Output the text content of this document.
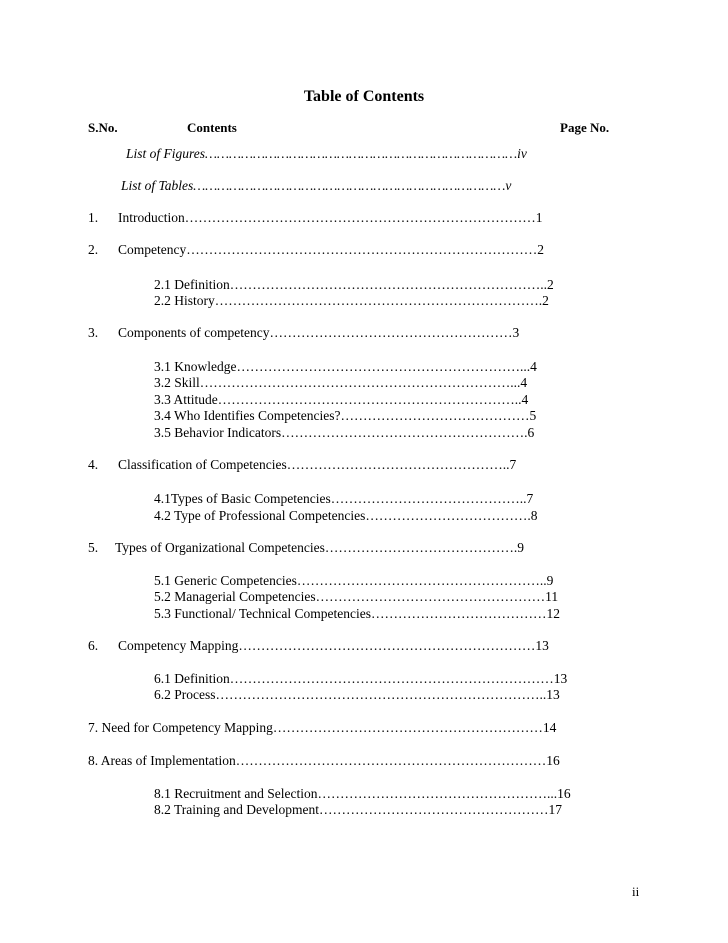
Table of Contents
S.No.	Contents	Page No.
List of Figures……………………………………………………………………iv
List of Tables……………………………………………………………………v
1. Introduction……………………………………………………………………1
2. Competency……………………………………………………………………2
2.1 Definition……………………………………………………………..2
2.2 History……………………………………………………………….2
3. Components of competency………………………………………………3
3.1 Knowledge………………………………………………………...4
3.2 Skill……………………………………………………………...4
3.3 Attitude…………………………………………………………..4
3.4 Who Identifies Competencies?……………………………………5
3.5 Behavior Indicators……………………………………………….6
4. Classification of Competencies…………………………………………..7
4.1Types of Basic Competencies……………………………………..7
4.2 Type of Professional Competencies……………………………….8
5. Types of Organizational Competencies…………………………………….9
5.1 Generic Competencies………………………………………………..9
5.2 Managerial Competencies……………………………………………11
5.3 Functional/ Technical Competencies…………………………………12
6. Competency Mapping…………………………………………………………13
6.1 Definition………………………………………………………………13
6.2 Process………………………………………………………………..13
7. Need for Competency Mapping……………………………………………………14
8. Areas of Implementation……………………………………………………………16
8.1 Recruitment and Selection……………………………………………...16
8.2 Training and Development……………………………………………17
ii
